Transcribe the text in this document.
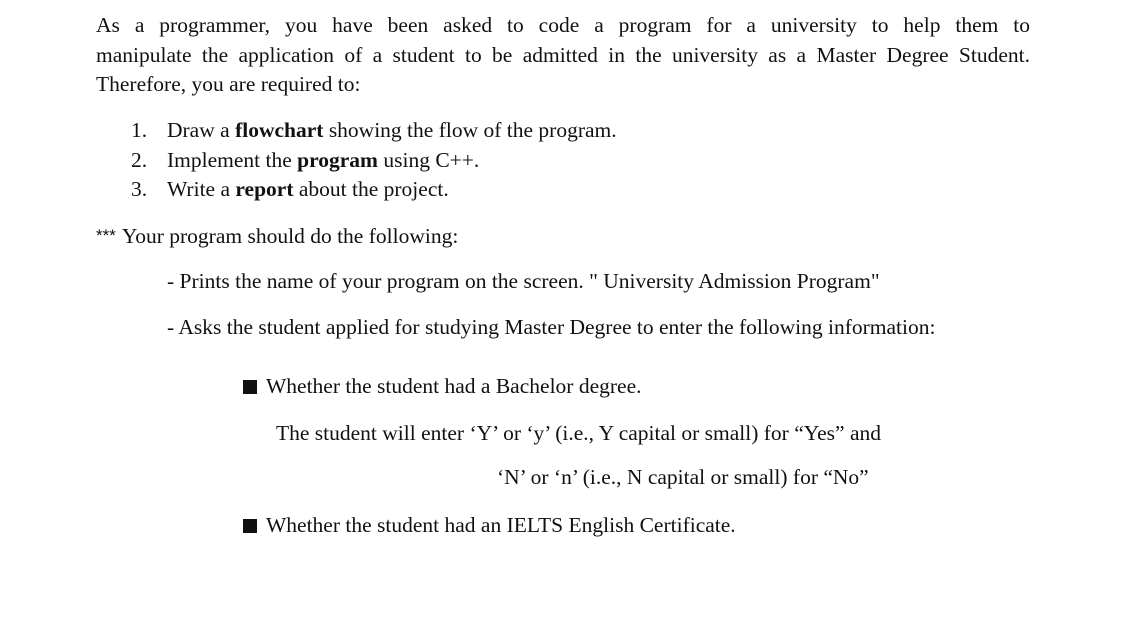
As a programmer, you have been asked to code a program for a university to help them to
manipulate the application of a student to be admitted in the university as a Master Degree Student.
Therefore, you are required to:

1. Draw a flowchart showing the flow of the program.
2. Implement the program using C++.
3. Write a report about the project.
*** Your program should do the following:
- Prints the name of your program on the screen. " University Admission Program"
- Asks the student applied for studying Master Degree to enter the following information:
Whether the student had a Bachelor degree.
The student will enter ‘Y’ or ‘y’ (i.e., Y capital or small) for “Yes” and
‘N’ or ‘n’ (i.e., N capital or small) for “No”
Whether the student had an IELTS English Certificate.
